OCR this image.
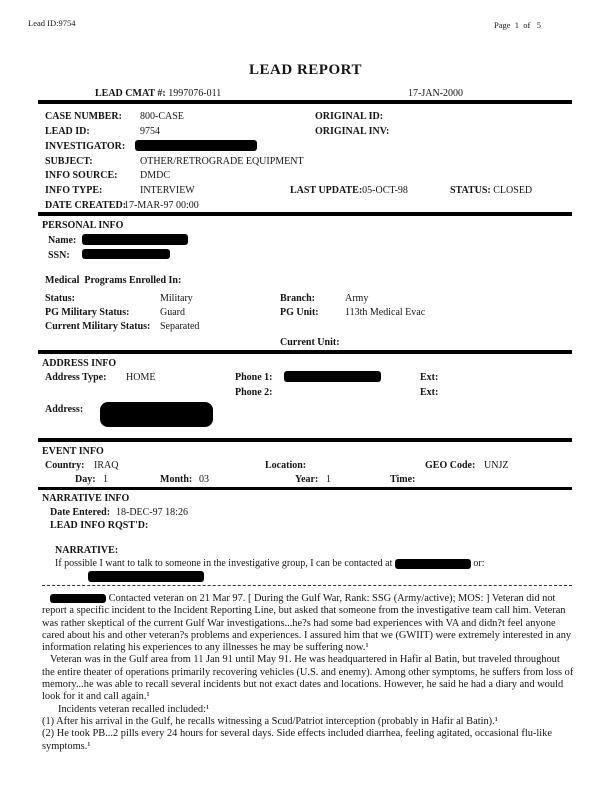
Lead ID:9754	Page  1  of   5
LEAD REPORT
LEAD CMAT #: 1997076-011	17-JAN-2000
CASE NUMBER: 800-CASE	ORIGINAL ID:
LEAD ID:	9754	ORIGINAL INV:
INVESTIGATOR:
SUBJECT:	OTHER/RETROGRADE EQUIPMENT
INFO SOURCE: DMDC
INFO TYPE:	INTERVIEW	LAST UPDATE:05-OCT-98	STATUS: CLOSED
DATE CREATED:
17-MAR-97 00:00
PERSONAL INFO
Name:
SSN:
Medical  Programs Enrolled In:
Status:	Military	Branch:	Army
PG Military Status:	Guard	PG Unit:	113th Medical Evac
Current Military Status: Separated
Current Unit:
ADDRESS INFO
Address Type: HOME	Phone 1:	Ext:
Phone 2:	Ext:
Address:
EVENT INFO
Country: IRAQ	Location:	GEO Code: UNJZ
Day: 1	Month: 03	Year: 1	Time:
NARRATIVE INFO
Date Entered: 18-DEC-97 18:26
LEAD INFO RQST'D:
NARRATIVE:
If possible I want to talk to someone in the investigative group, I can be contacted at	or:

Contacted veteran on 21 Mar 97. [ During the Gulf War, Rank: SSG (Army/active); MOS: ] Veteran did not report a specific incident to the Incident Reporting Line, but asked that someone from the investigative team call him. Veteran was rather skeptical of the current Gulf War investigations...he?s had some bad experiences with VA and didn?t feel anyone cared about his and other veteran?s problems and experiences. I assured him that we (GWIIT) were extremely interested in any information relating his experiences to any illnesses he may be suffering now.¹

Veteran was in the Gulf area from 11 Jan 91 until May 91. He was headquartered in Hafir al Batin, but traveled throughout the entire theater of operations primarily recovering vehicles (U.S. and enemy). Among other symptoms, he suffers from loss of memory...he was able to recall several incidents but not exact dates and locations. However, he said he had a diary and would look for it and call again.¹

Incidents veteran recalled included:¹

(1) After his arrival in the Gulf, he recalls witnessing a Scud/Patriot interception (probably in Hafir al Batin).¹

(2) He took PB...2 pills every 24 hours for several days. Side effects included diarrhea, feeling agitated, occasional flu-like symptoms.¹
